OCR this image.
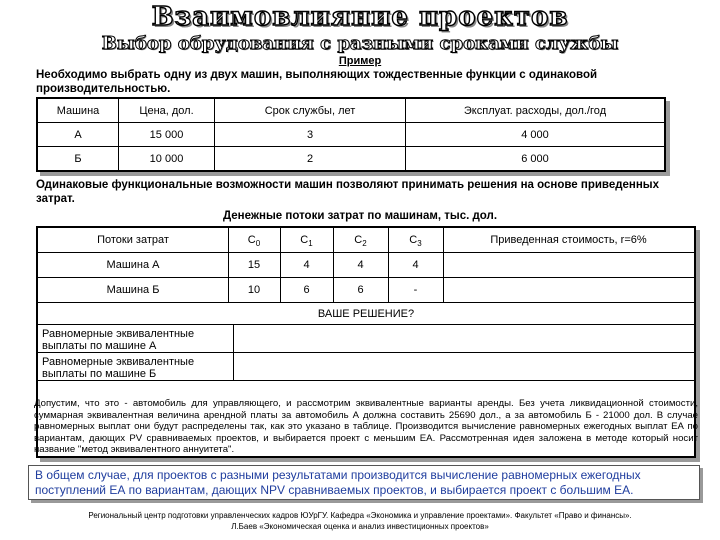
Взаимовлияние проектов
Выбор обрудования с разными сроками службы
Пример
Необходимо выбрать одну из двух машин, выполняющих тождественные функции с одинаковой производительностью.
Машина	Цена, дол.	Срок службы, лет	Эксплуат. расходы, дол./год
А	15 000	3	4 000
Б	10 000	2	6 000
Одинаковые функциональные возможности машин позволяют принимать решения на основе приведенных затрат.
Денежные потоки затрат по машинам, тыс. дол.
Потоки затрат	$C_0$	$C_1$	$C_2$	$C_3$	Приведенная стоимость, r=6%
Машина А	15	4	4	4
Машина Б	10	6	6	-
ВАШЕ РЕШЕНИЕ?
Равномерные эквивалентные выплаты по машине А
Равномерные эквивалентные выплаты по машине Б
Допустим, что это - автомобиль для управляющего, и рассмотрим эквивалентные варианты аренды. Без учета ликвидационной стоимости, суммарная эквивалентная величина арендной платы за автомобиль А должна составить 25690 дол., а за автомобиль Б - 21000 дол. В случае равномерных выплат они будут распределены так, как это указано в таблице. Производится вычисление равномерных ежегодных выплат ЕА по вариантам, дающих PV сравниваемых проектов, и выбирается проект с меньшим ЕА. Рассмотренная идея заложена в методе который носит название "метод эквивалентного аннуитета".
В общем случае, для проектов с разными результатами производится вычисление равномерных ежегодных поступлений ЕА по вариантам, дающих NPV сравниваемых проектов, и выбирается проект с большим ЕА.
Региональный центр подготовки управленческих кадров ЮУрГУ. Кафедра «Экономика и управление проектами». Факультет «Право и финансы».
Л.Баев «Экономическая оценка и анализ инвестиционных проектов»
